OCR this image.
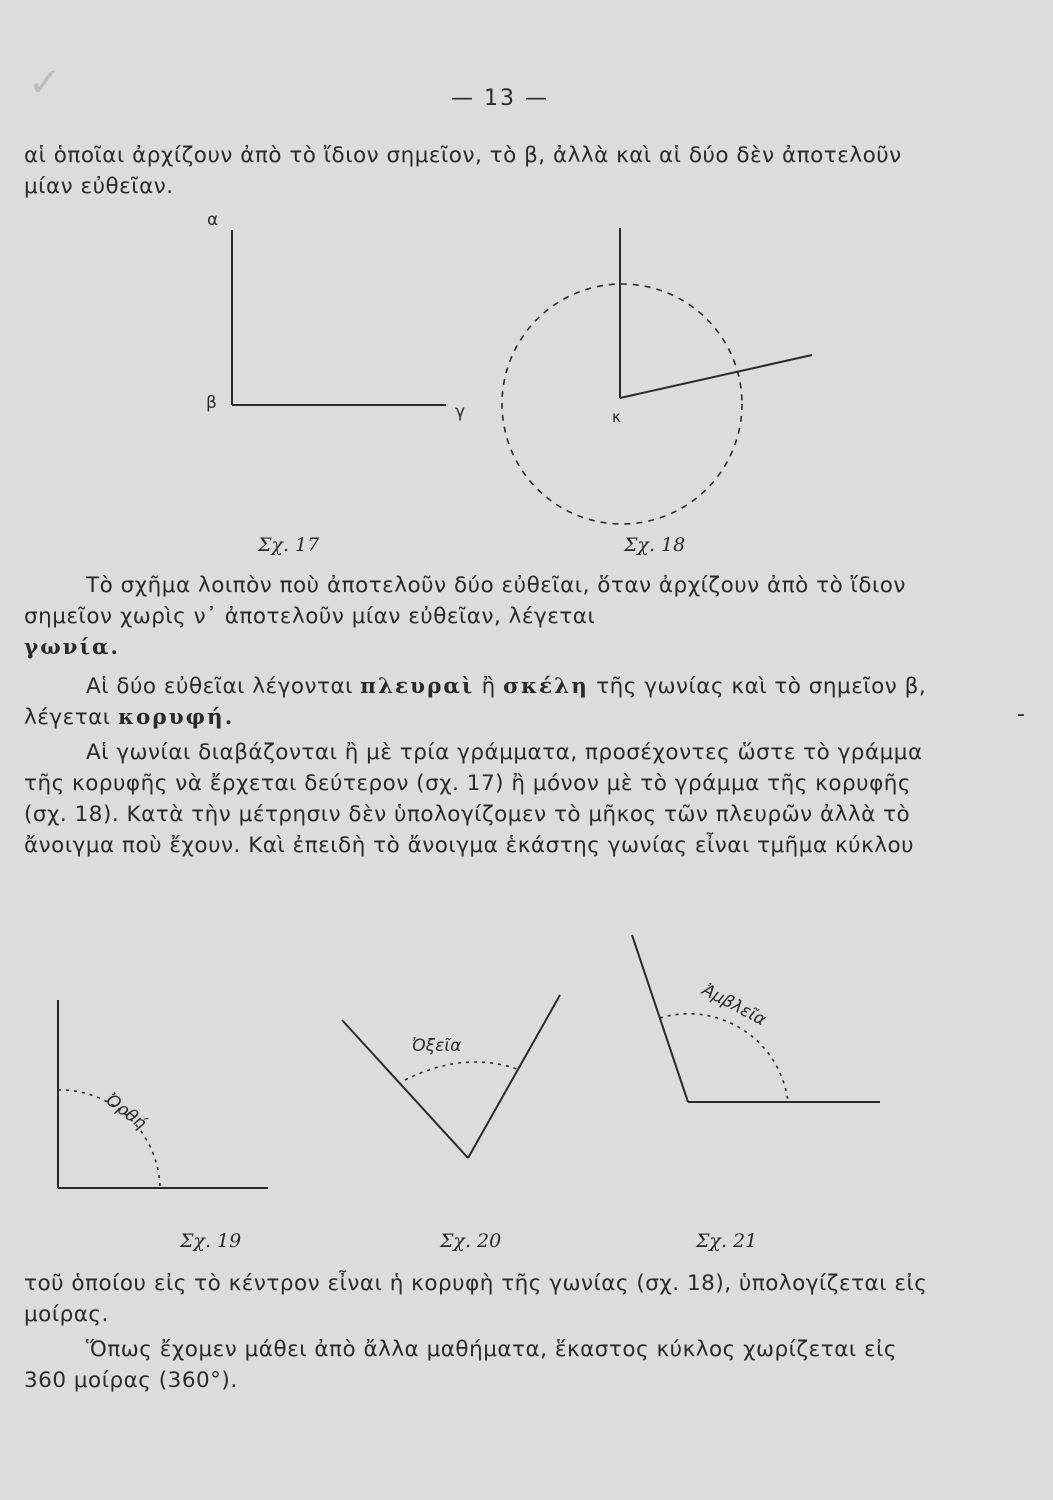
✓
-
— 13 —

αἱ ὁποῖαι ἀρχίζουν ἀπὸ τὸ ἴδιον σημεῖον, τὸ β, ἀλλὰ καὶ αἱ δύο δὲν ἀποτελοῦν μίαν εὐθεῖαν.

α
β	γ	κ
Σχ. 17	Σχ. 18

Τὸ σχῆμα λοιπὸν ποὺ ἀποτελοῦν δύο εὐθεῖαι, ὅταν ἀρχίζουν ἀπὸ τὸ ἴδιον σημεῖον χωρὶς ν᾽ ἀποτελοῦν μίαν εὐθεῖαν, λέγεται
γωνία.

Αἱ δύο εὐθεῖαι λέγονται πλευραὶ ἢ σκέλη τῆς γωνίας καὶ τὸ σημεῖον β, λέγεται κορυφή.

Αἱ γωνίαι διαβάζονται ἢ μὲ τρία γράμματα, προσέχοντες ὥστε τὸ γράμμα τῆς κορυφῆς νὰ ἔρχεται δεύτερον (σχ. 17) ἢ μόνον μὲ τὸ γράμμα τῆς κορυφῆς (σχ. 18). Κατὰ τὴν μέτρησιν δὲν ὑπολογίζομεν τὸ μῆκος τῶν πλευρῶν ἀλλὰ τὸ ἄνοιγμα ποὺ ἔχουν. Καὶ ἐπειδὴ τὸ ἄνοιγμα ἑκάστης γωνίας εἶναι τμῆμα κύκλου

Ὀρθή
Ὀξεῖα
Ἀμβλεῖα
Σχ. 19	Σχ. 20	Σχ. 21

τοῦ ὁποίου εἰς τὸ κέντρον εἶναι ἡ κορυφὴ τῆς γωνίας (σχ. 18), ὑπολογίζεται εἰς μοίρας.

Ὅπως ἔχομεν μάθει ἀπὸ ἄλλα μαθήματα, ἕκαστος κύκλος χωρίζεται εἰς 360 μοίρας (360°).
